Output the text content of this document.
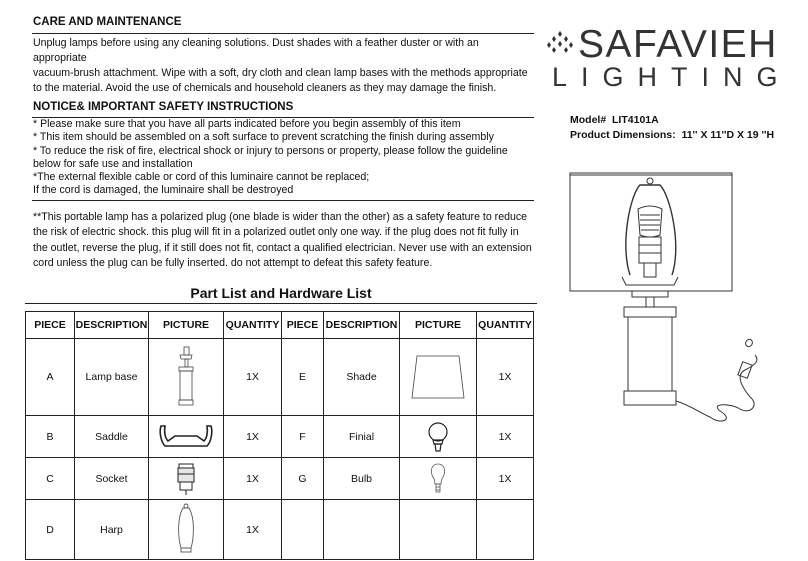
CARE AND MAINTENANCE
Unplug lamps before using any cleaning solutions. Dust shades with a feather duster or with an
appropriate
vacuum-brush attachment. Wipe with a soft, dry cloth and clean lamp bases with the methods appropriate
to the material. Avoid the use of chemicals and household cleaners as they may damage the finish.
NOTICE& IMPORTANT SAFETY INSTRUCTIONS
* Please make sure that you have all parts indicated before you begin assembly of this item
* This item should be assembled on a soft surface to prevent scratching the finish during assembly
* To reduce the risk of fire, electrical shock or injury to persons or property, please follow the guideline
below for safe use and installation
*The external flexible cable or cord of this luminaire cannot be replaced;
If the cord is damaged, the luminaire shall be destroyed
**This portable lamp has a polarized plug (one blade is wider than the other) as a safety feature to reduce
the risk of electric shock. this plug will fit in a polarized outlet only one way. if the plug does not fit fully in
the outlet, reverse the plug, if it still does not fit, contact a qualified electrician. Never use with an extension
cord unless the plug can be fully inserted. do not attempt to defeat this safety feature.
SAFAVIEH
LIGHTING
Model# LIT4101A
Product Dimensions: 11'' X 11''D X 19 ''H
Part List and Hardware List
PIECE	DESCRIPTION	PICTURE	QUANTITY	PIECE	DESCRIPTION	PICTURE	QUANTITY
A	Lamp base		1X	E	Shade		1X
B	Saddle		1X	F	Finial		1X
C	Socket		1X	G	Bulb		1X
D	Harp		1X				
